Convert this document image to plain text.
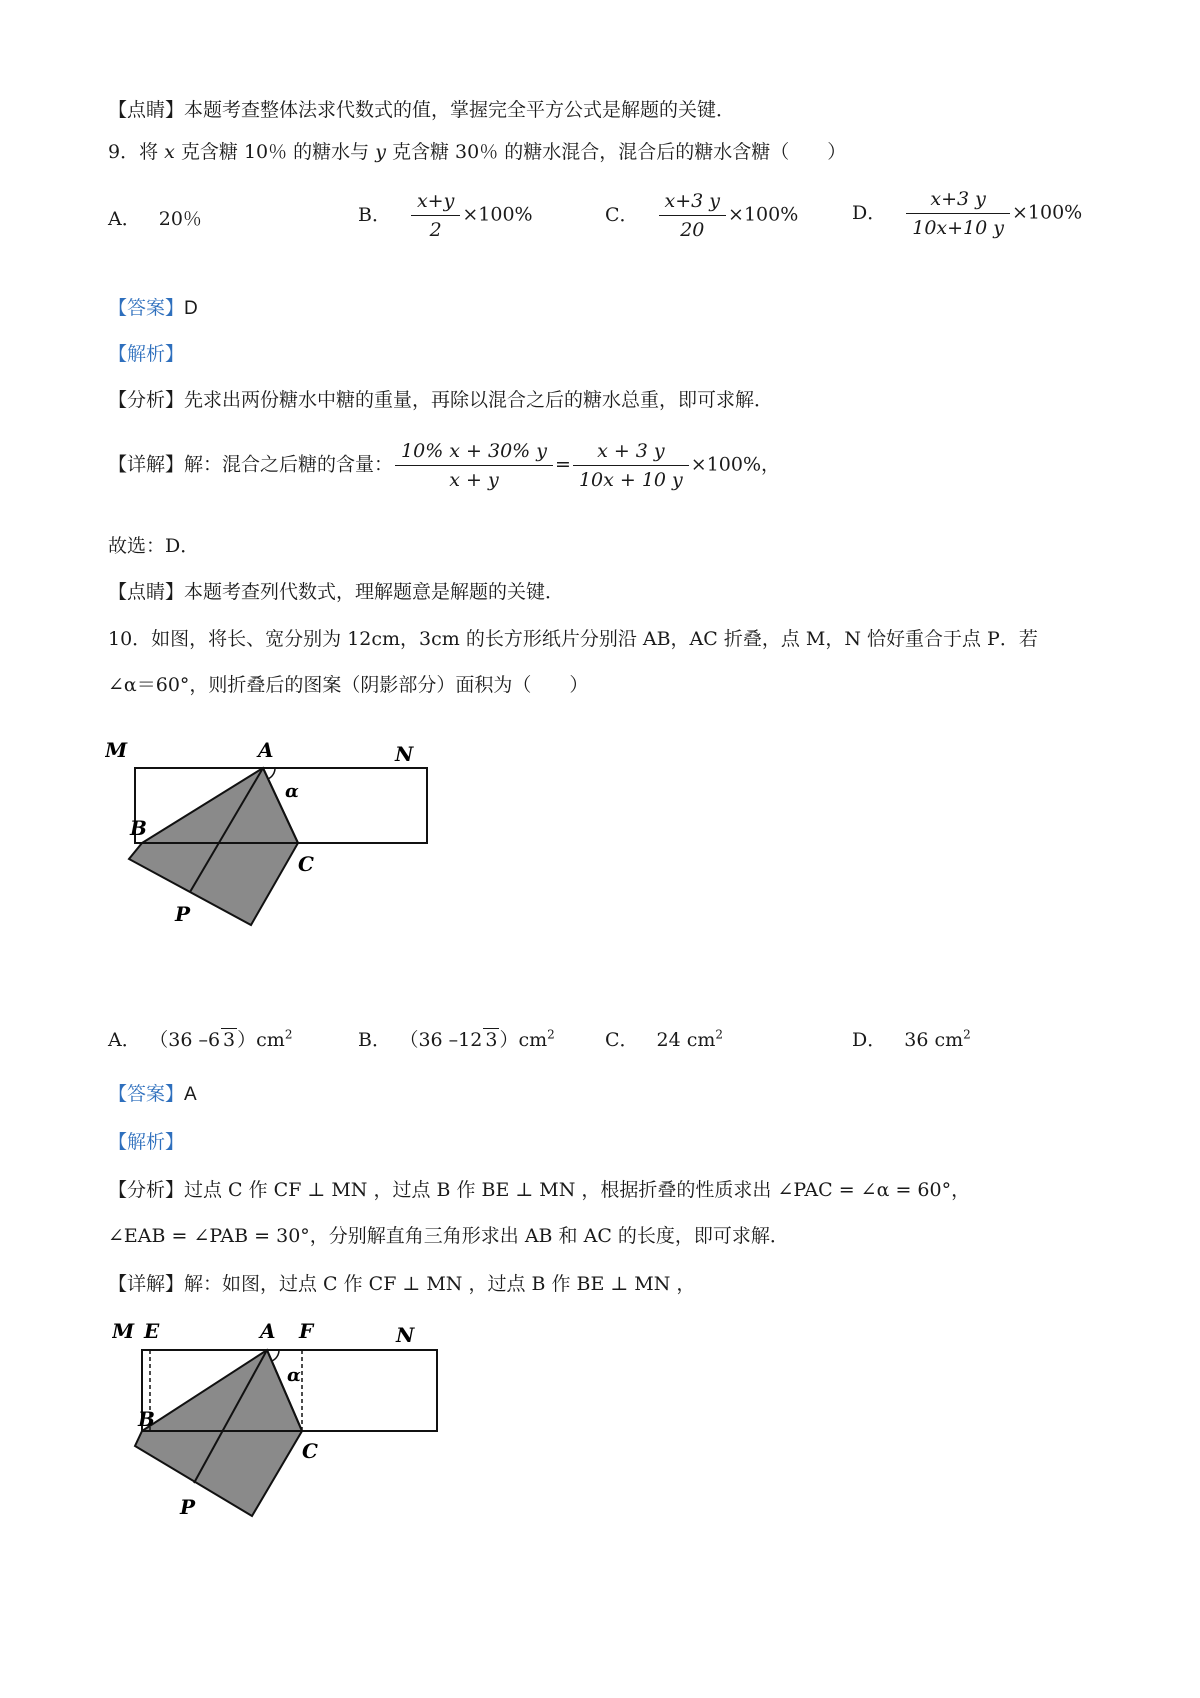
【点睛】本题考查整体法求代数式的值，掌握完全平方公式是解题的关键．
9．将 x 克含糖 10％ 的糖水与 y 克含糖 30％ 的糖水混合，混合后的糖水含糖（　　）
A． 20％	B． $\frac{x+y}{2} \times 100\%$	C． $\frac{x+3 y}{20} \times 100\%$	D． $\frac{x+3 y}{10x+10 y} \times 100\%$
【答案】D
【解析】
【分析】先求出两份糖水中糖的重量，再除以混合之后的糖水总重，即可求解．
【详解】解：混合之后糖的含量： $\frac{10\% x + 30\% y}{x + y} = \frac{x + 3 y}{10x + 10 y} \times 100\%$，
故选：D．
【点睛】本题考查列代数式，理解题意是解题的关键．
10．如图，将长、宽分别为 12cm，3cm 的长方形纸片分别沿 AB，AC 折叠，点 M，N 恰好重合于点 P．若
∠α＝60°，则折叠后的图案（阴影部分）面积为（　　）
M	A	N
B
C
P
α
A． （36 –6 3 ）$cm^2$	B． （36 –12 3 ）$cm^2$	C． 24 $cm^2$	D． 36 $cm^2$
【答案】A
【解析】
【分析】过点 C 作 CF ⊥ MN ，过点 B 作 BE ⊥ MN ，根据折叠的性质求出 ∠PAC = ∠α = 60°，
∠EAB = ∠PAB = 30°，分别解直角三角形求出 AB 和 AC 的长度，即可求解．
【详解】解：如图，过点 C 作 CF ⊥ MN ，过点 B 作 BE ⊥ MN ，
M E	A F	N
B
C
P
α
